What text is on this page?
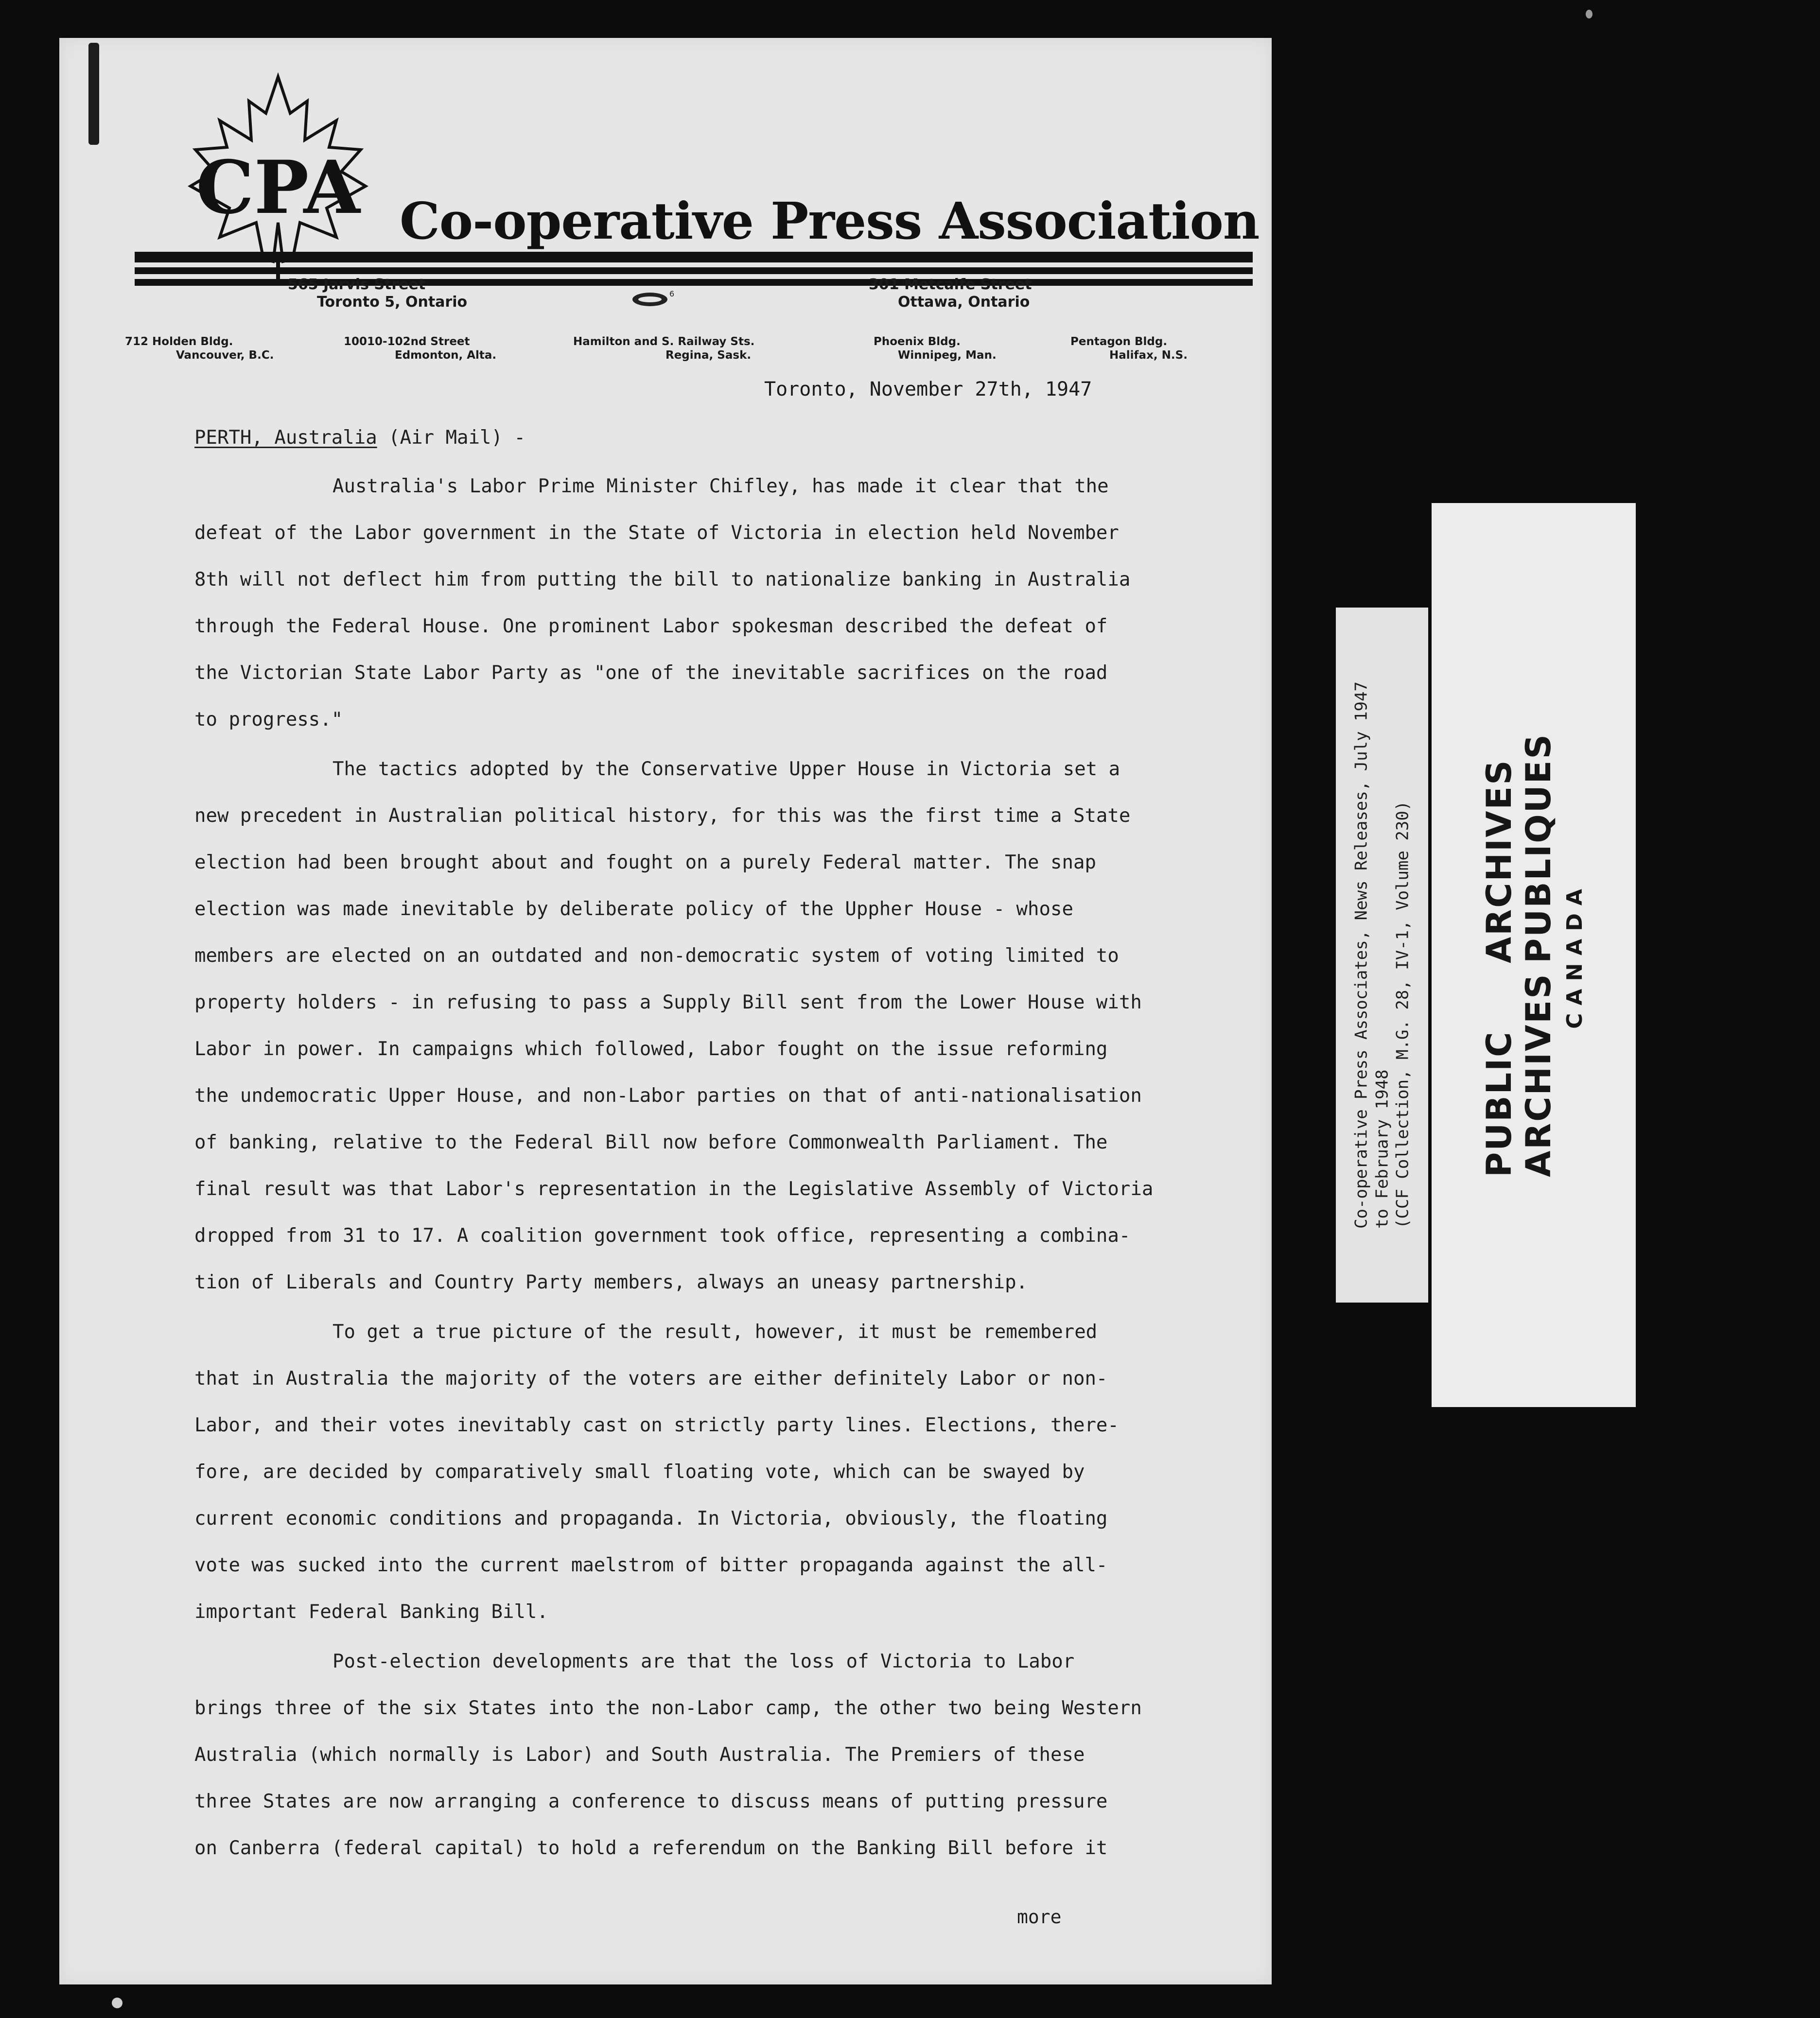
CPA Co-operative Press Association
565 Jarvis Street
Toronto 5, Ontario	6
301 Metcalfe Street
Ottawa, Ontario
712 Holden Bldg.
Vancouver, B.C.
10010-102nd Street
Edmonton, Alta.
Hamilton and S. Railway Sts.
Regina, Sask.
Phoenix Bldg.
Winnipeg, Man.
Pentagon Bldg.
Halifax, N.S.
Toronto, November 27th, 1947
PERTH, Australia (Air Mail) -
Australia's Labor Prime Minister Chifley, has made it clear that the
defeat of the Labor government in the State of Victoria in election held November
8th will not deflect him from putting the bill to nationalize banking in Australia
through the Federal House. One prominent Labor spokesman described the defeat of
the Victorian State Labor Party as "one of the inevitable sacrifices on the road
to progress."
The tactics adopted by the Conservative Upper House in Victoria set a
new precedent in Australian political history, for this was the first time a State
election had been brought about and fought on a purely Federal matter. The snap
election was made inevitable by deliberate policy of the Uppher House - whose
members are elected on an outdated and non-democratic system of voting limited to
property holders - in refusing to pass a Supply Bill sent from the Lower House with
Labor in power. In campaigns which followed, Labor fought on the issue reforming
the undemocratic Upper House, and non-Labor parties on that of anti-nationalisation
of banking, relative to the Federal Bill now before Commonwealth Parliament. The
final result was that Labor's representation in the Legislative Assembly of Victoria
dropped from 31 to 17. A coalition government took office, representing a combina-
tion of Liberals and Country Party members, always an uneasy partnership.
To get a true picture of the result, however, it must be remembered
that in Australia the majority of the voters are either definitely Labor or non-
Labor, and their votes inevitably cast on strictly party lines. Elections, there-
fore, are decided by comparatively small floating vote, which can be swayed by
current economic conditions and propaganda. In Victoria, obviously, the floating
vote was sucked into the current maelstrom of bitter propaganda against the all-
important Federal Banking Bill.
Post-election developments are that the loss of Victoria to Labor
brings three of the six States into the non-Labor camp, the other two being Western
Australia (which normally is Labor) and South Australia. The Premiers of these
three States are now arranging a conference to discuss means of putting pressure
on Canberra (federal capital) to hold a referendum on the Banking Bill before it
more
Co-operative Press Associates, News Releases, July 1947 to February 1948 (CCF Collection, M.G. 28, IV-1, Volume 230) PUBLICARCHIVES
ARCHIVESPUBLIQUES CANADA
